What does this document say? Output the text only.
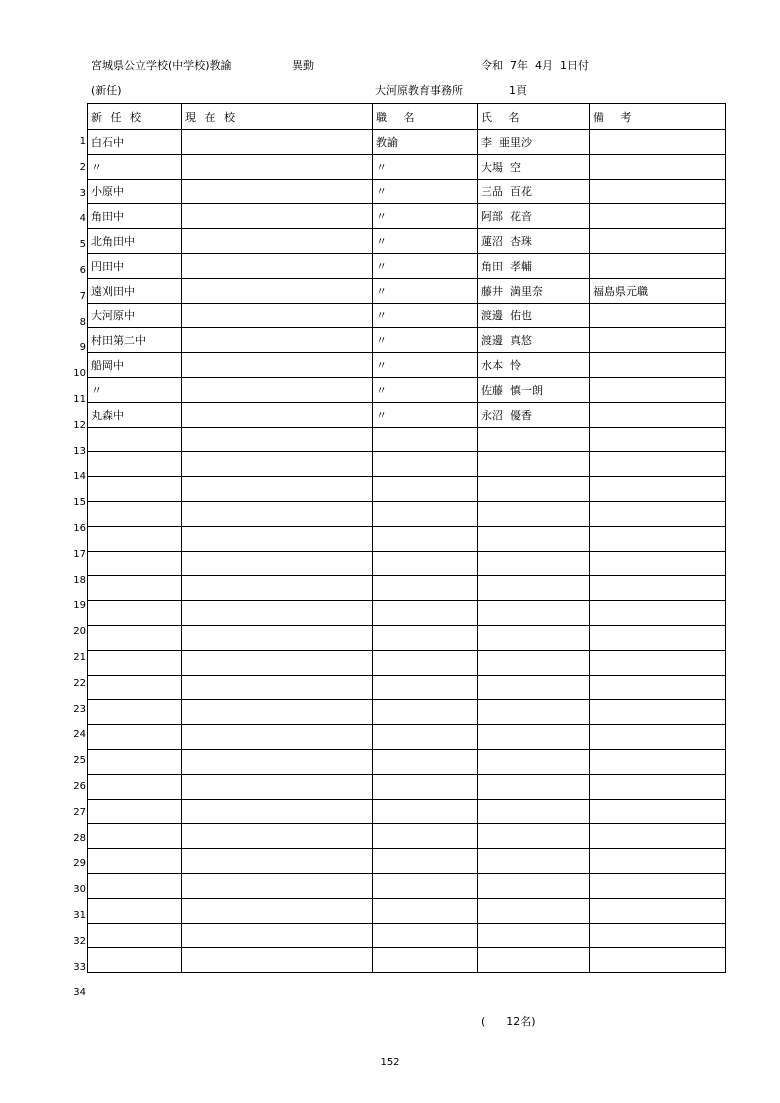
宮城県公立学校(中学校)教諭	異動	令和  7年  4月  1日付
(新任)	大河原教育事務所	1頁
1
2
3
4
5
6
7
8
9
10
11
12
13
14
15
16
17
18
19
20
21
22
23
24
25
26
27
28
29
30
31
32
33
34
新  任  校	現  在  校	職    名	氏    名	備    考
白石中		教諭	李  亜里沙	
〃		〃	大場  空	
小原中		〃	三品  百花	
角田中		〃	阿部  花音	
北角田中		〃	蓮沼  杏珠	
円田中		〃	角田  孝輔	
遠刈田中		〃	藤井  満里奈	福島県元職
大河原中		〃	渡邊  佑也	
村田第二中		〃	渡邊  真悠	
船岡中		〃	水本  怜	
〃		〃	佐藤  慎一朗	
丸森中		〃	永沼  優香	

(      12名)
152
